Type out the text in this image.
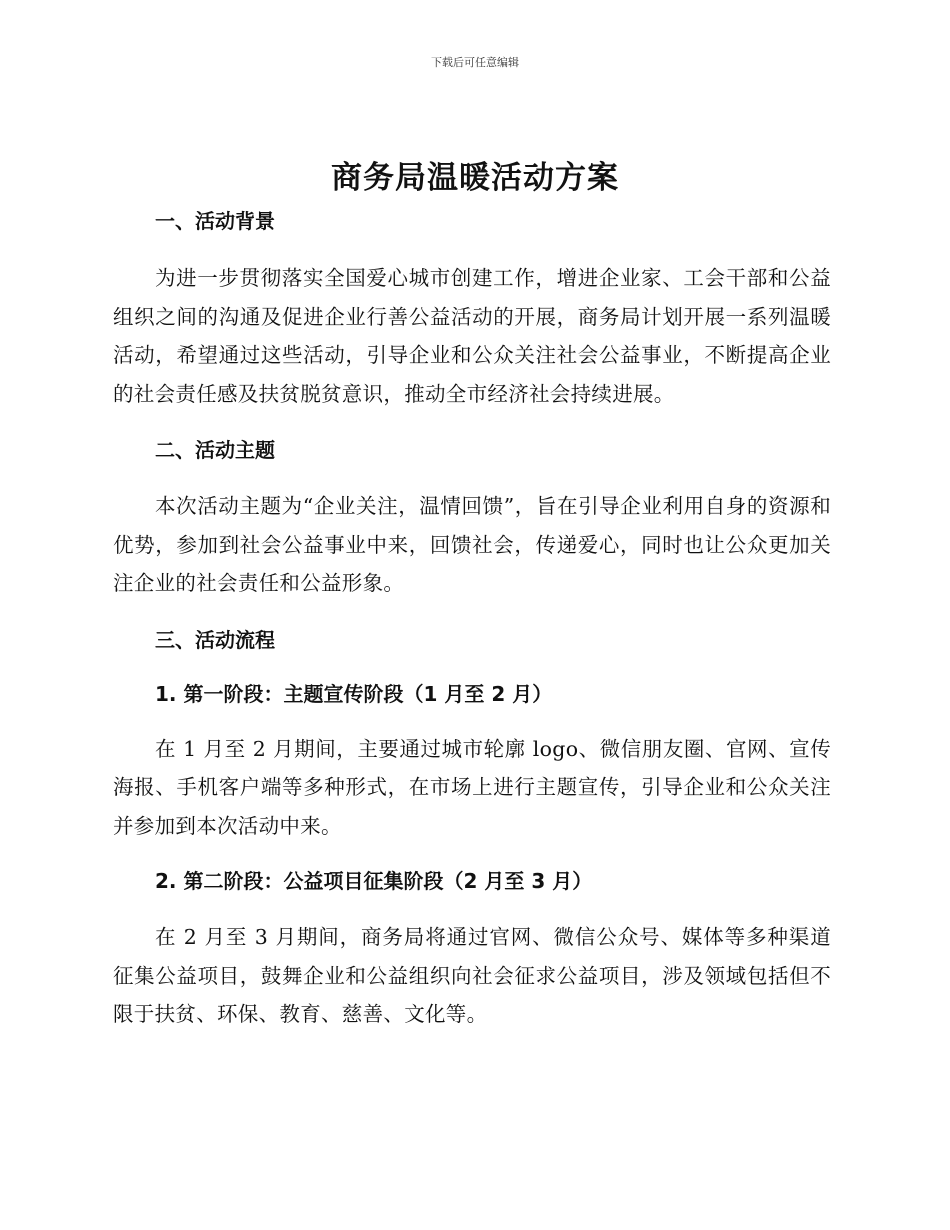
下载后可任意编辑
商务局温暖活动方案

一、活动背景

为进一步贯彻落实全国爱心城市创建工作，增进企业家、工会干部和公益组织之间的沟通及促进企业行善公益活动的开展，商务局计划开展一系列温暖活动，希望通过这些活动，引导企业和公众关注社会公益事业，不断提高企业的社会责任感及扶贫脱贫意识，推动全市经济社会持续进展。

二、活动主题

本次活动主题为“企业关注，温情回馈”，旨在引导企业利用自身的资源和优势，参加到社会公益事业中来，回馈社会，传递爱心，同时也让公众更加关注企业的社会责任和公益形象。

三、活动流程

1. 第一阶段：主题宣传阶段（1 月至 2 月）

在 1 月至 2 月期间，主要通过城市轮廓 logo、微信朋友圈、官网、宣传海报、手机客户端等多种形式，在市场上进行主题宣传，引导企业和公众关注并参加到本次活动中来。

2. 第二阶段：公益项目征集阶段（2 月至 3 月）

在 2 月至 3 月期间，商务局将通过官网、微信公众号、媒体等多种渠道征集公益项目，鼓舞企业和公益组织向社会征求公益项目，涉及领域包括但不限于扶贫、环保、教育、慈善、文化等。
